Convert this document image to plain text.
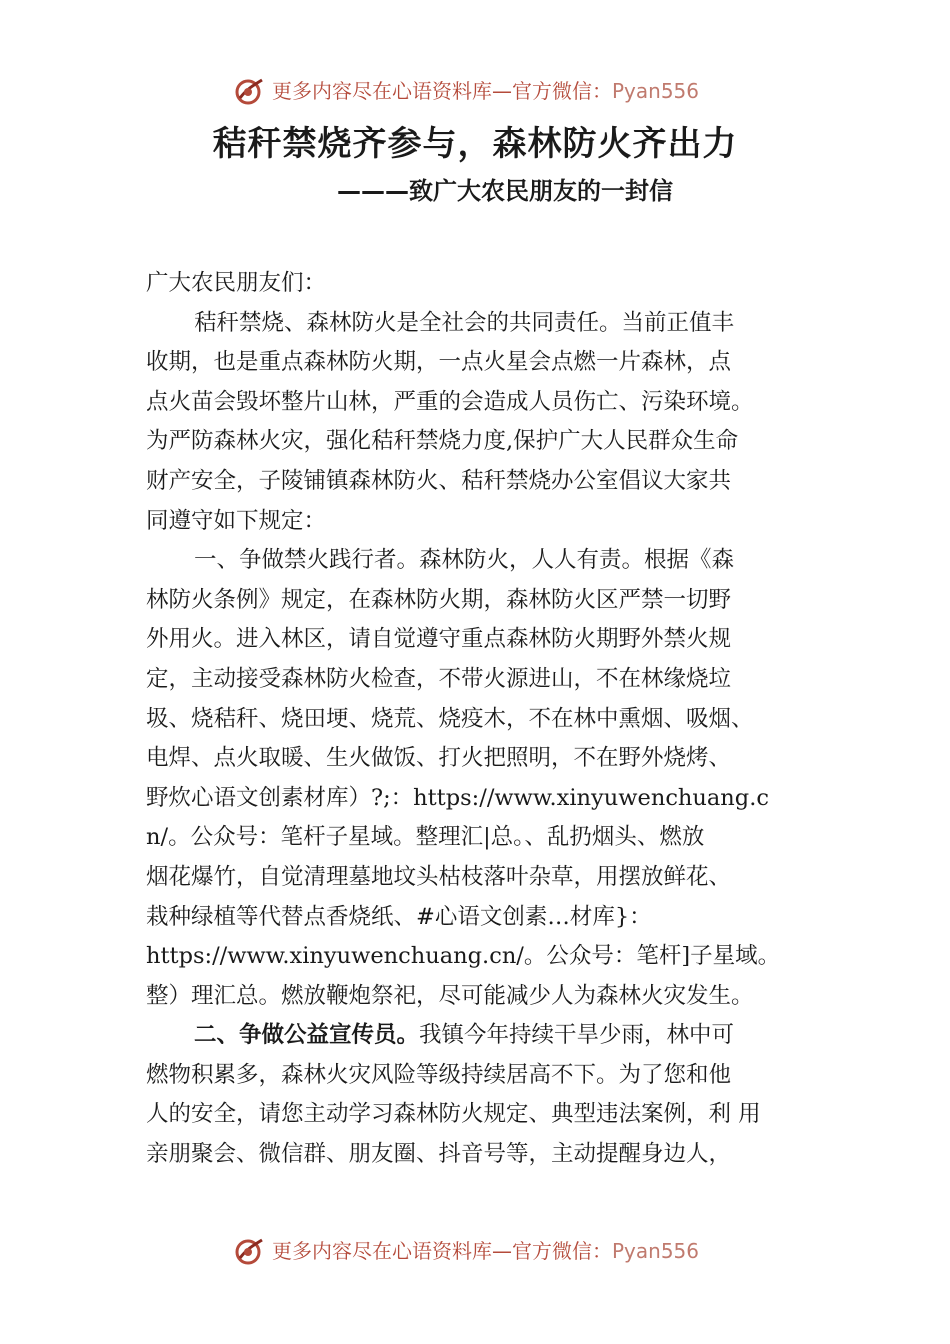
更多内容尽在心语资料库—官方微信：Pyan556
秸秆禁烧齐参与，森林防火齐出力
———致广大农民朋友的一封信
广大农民朋友们：
秸秆禁烧、森林防火是全社会的共同责任。当前正值丰
收期，也是重点森林防火期，一点火星会点燃一片森林，点
点火苗会毁坏整片山林，严重的会造成人员伤亡、污染环境。
为严防森林火灾，强化秸秆禁烧力度,保护广大人民群众生命
财产安全，子陵铺镇森林防火、秸秆禁烧办公室倡议大家共
同遵守如下规定：
一、争做禁火践行者。森林防火，人人有责。根据《森
林防火条例》规定，在森林防火期，森林防火区严禁一切野
外用火。进入林区，请自觉遵守重点森林防火期野外禁火规
定，主动接受森林防火检查，不带火源进山，不在林缘烧垃
圾、烧秸秆、烧田埂、烧荒、烧疫木，不在林中熏烟、吸烟、
电焊、点火取暖、生火做饭、打火把照明，不在野外烧烤、
野炊心语文创素材库）?;：https://www.xinyuwenchuang.c
n/。公众号：笔杆子星域。整理汇|总。、乱扔烟头、燃放
烟花爆竹，自觉清理墓地坟头枯枝落叶杂草，用摆放鲜花、
栽种绿植等代替点香烧纸、#心语文创素…材库}：
https://www.xinyuwenchuang.cn/。公众号：笔杆]子星域。
整）理汇总。燃放鞭炮祭祀，尽可能减少人为森林火灾发生。
二、争做公益宣传员。我镇今年持续干旱少雨，林中可
燃物积累多，森林火灾风险等级持续居高不下。为了您和他
人的安全，请您主动学习森林防火规定、典型违法案例，利 用
亲朋聚会、微信群、朋友圈、抖音号等，主动提醒身边人，
更多内容尽在心语资料库—官方微信：Pyan556
